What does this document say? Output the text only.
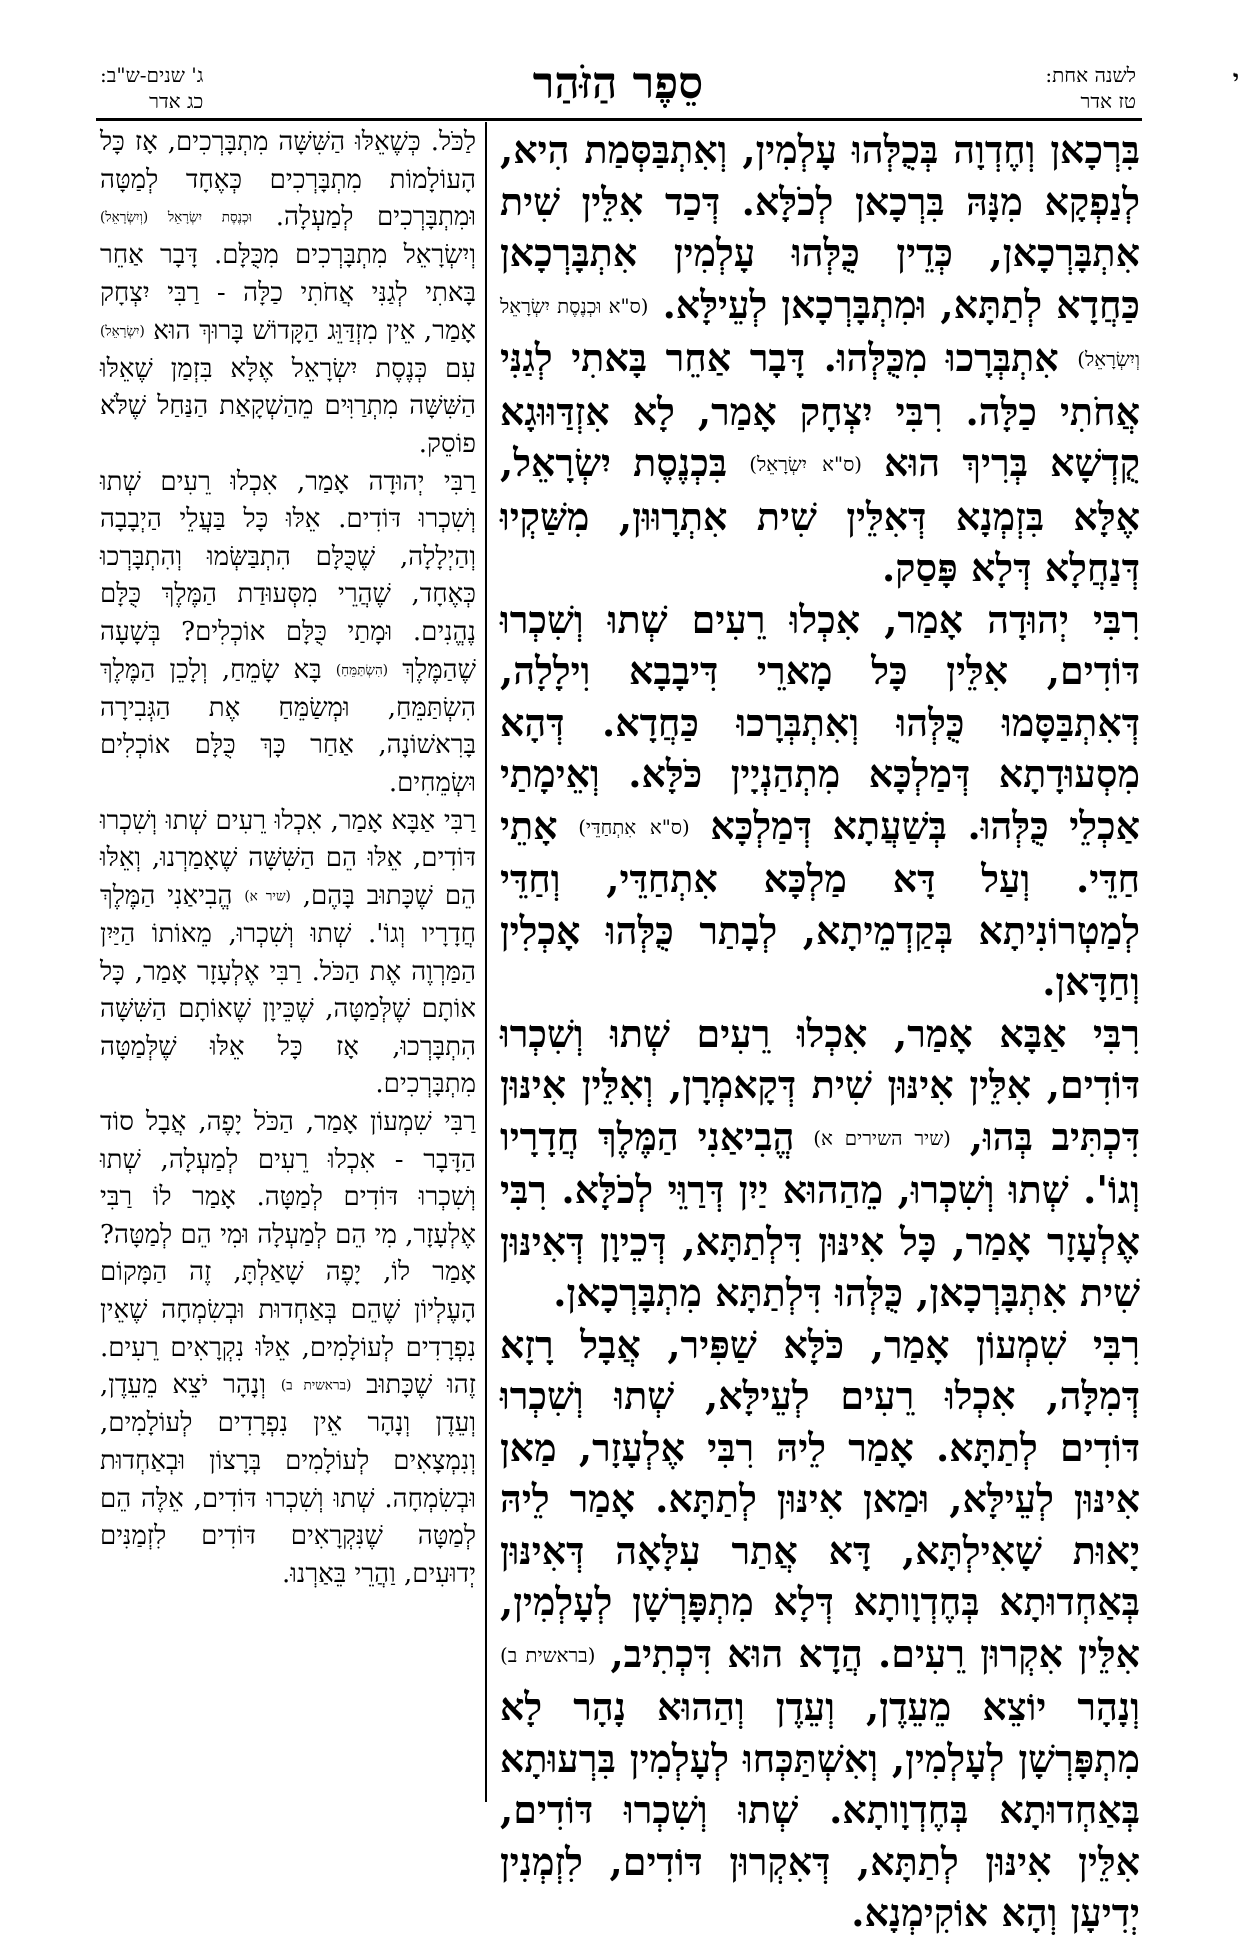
י
לשנה אחת:
טז אדר
סֵפֶר הַזֹּהַר
ג' שנים-ש"ב:
כג אדר

בִּרְכָאן וְחֶדְוָה בְּכֻלְּהוּ עָלְמִין, וְאִתְבַּסְּמַת הִיא, לְנַפְקָא מִנָּהּ בִּרְכָאן לְכֹלָּא. דְּכַד אִלֵּין שִׁית אִתְבָּרְכָאן, כְּדֵין כֻּלְּהוּ עָלְמִין אִתְבָּרְכָאן כַּחֲדָא לְתַתָּא, וּמִתְבָּרְכָאן לְעֵילָּא. (ס"א וּכְנֶסֶת יִשְׂרָאֵל וְיִשְׂרָאֵל) אִתְבְּרָכוּ מִכֻּלְּהוּ. דָּבָר אַחֵר בָּאתִי לְגַנִּי אֲחֹתִי כַלָּה. רִבִּי יִצְחָק אָמַר, לָא אִזְדַּוּוּגָא קֻדְשָׁא בְּרִיךְ הוּא (ס"א יִשְׂרָאֵל) בִּכְנֶסֶת יִשְׂרָאֵל, אֶלָּא בִּזְמְנָא דְּאִלֵּין שִׁית אִתְרָוּוּן, מִשַּׁקְיוּ דְּנַחֲלָא דְּלָא פָּסַק.

רִבִּי יְהוּדָה אָמַר, אִכְלוּ רֵעִים שְׁתוּ וְשִׁכְרוּ דּוֹדִים, אִלֵּין כָּל מָארֵי דִּיבָבָא וִילָלָה, דְּאִתְבַּסָּמוּ כֻּלְּהוּ וְאִתְבְּרָכוּ כַּחֲדָא. דְּהָא מִסְעוּדָתָא דְּמַלְכָּא מִתְהַנְיָין כֹּלָּא. וְאֵימָתַי אַכְלֵי כֻּלְּהוּ. בְּשַׁעֲתָא דְּמַלְכָּא (ס"א אִתְחַדֵּי) אָתֵי חַדֵּי. וְעַל דָּא מַלְכָּא אִתְחַדֵּי, וְחַדֵּי לְמַטְרוֹנִיתָא בְּקַדְמֵיתָא, לְבָתַר כֻּלְּהוּ אָכְלִין וְחַדָּאן.

רִבִּי אַבָּא אָמַר, אִכְלוּ רֵעִים שְׁתוּ וְשִׁכְרוּ דּוֹדִים, אִלֵּין אִינּוּן שִׁית דְּקָאמְרָן, וְאִלֵּין אִינּוּן דִּכְתִּיב בְּהוּ, (שיר השירים א) הֱבִיאַנִי הַמֶּלֶךְ חֲדָרָיו וְגוֹ'. שְׁתוּ וְשִׁכְרוּ, מֵהַהוּא יַיִן דְּרַוֵּי לְכֹלָּא. רִבִּי אֶלְעָזָר אָמַר, כָּל אִינּוּן דִּלְתַתָּא, דְּכֵיוָן דְּאִינּוּן שִׁית אִתְבָּרְכָאן, כֻּלְּהוּ דִּלְתַתָּא מִתְבָּרְכָאן.

רִבִּי שִׁמְעוֹן אָמַר, כֹּלָּא שַׁפִּיר, אֲבָל רָזָא דְּמִלָּה, אִכְלוּ רֵעִים לְעֵילָּא, שְׁתוּ וְשִׁכְרוּ דּוֹדִים לְתַתָּא. אָמַר לֵיהּ רִבִּי אֶלְעָזָר, מַאן אִינּוּן לְעֵילָּא, וּמַאן אִינּוּן לְתַתָּא. אָמַר לֵיהּ יָאוּת שָׁאִילְתָּא, דָּא אֲתַר עִלָּאָה דְּאִינּוּן בְּאַחְדוּתָא בְּחֶדְוָותָא דְּלָא מִתְפָּרְשָׁן לְעָלְמִין, אִלֵּין אִקְרוּן רֵעִים. הֲדָא הוּא דִּכְתִיב, (בראשית ב) וְנָהָר יוֹצֵא מֵעֵדֶן, וְעֵדֶן וְהַהוּא נָהָר לָא מִתְפָּרְשָׁן לְעָלְמִין, וְאִשְׁתַּכְּחוּ לְעָלְמִין בִּרְעוּתָא בְּאַחְדוּתָא בְּחֶדְוָותָא. שְׁתוּ וְשִׁכְרוּ דּוֹדִים, אִלֵּין אִינּוּן לְתַתָּא, דְּאִקְרוּן דּוֹדִים, לִזְמְנִין יְדִיעָן וְהָא אוֹקִימְנָא.

לַכֹּל. כְּשֶׁאֵלּוּ הַשִּׁשָּׁה מִתְבָּרְכִים, אָז כָּל הָעוֹלָמוֹת מִתְבָּרְכִים כְּאֶחָד לְמַטָּה וּמִתְבָּרְכִים לְמַעְלָה. וּכְנֶסֶת יִשְׂרָאֵל (וְיִשְׂרָאֵל) וְיִשְׂרָאֵל מִתְבָּרְכִים מִכֻּלָּם. דָּבָר אַחֵר בָּאתִי לְגַנִּי אֲחֹתִי כַלָּה - רַבִּי יִצְחָק אָמַר, אֵין מִזְדַּוֵּג הַקָּדוֹשׁ בָּרוּךְ הוּא (יִשְׂרָאֵל) עִם כְּנֶסֶת יִשְׂרָאֵל אֶלָּא בִּזְמַן שֶׁאֵלּוּ הַשִּׁשָּׁה מִתְרַוִּים מֵהַשְׁקָאַת הַנַּחַל שֶׁלֹּא פוֹסֵק.

רַבִּי יְהוּדָה אָמַר, אִכְלוּ רֵעִים שְׁתוּ וְשִׁכְרוּ דּוֹדִים. אֵלּוּ כָּל בַּעֲלֵי הַיְבָבָה וְהַיְלָלָה, שֶׁכֻּלָּם הִתְבַּשְּׂמוּ וְהִתְבָּרְכוּ כְּאֶחָד, שֶׁהֲרֵי מִסְּעוּדַת הַמֶּלֶךְ כֻּלָּם נֶהֱנִים. וּמָתַי כֻּלָּם אוֹכְלִים? בְּשָׁעָה שֶׁהַמֶּלֶךְ (הִשְׂתַּמֵּחַ) בָּא שָׂמֵחַ, וְלָכֵן הַמֶּלֶךְ הִשְׂתַּמֵּחַ, וּמְשַׂמֵּחַ אֶת הַגְּבִירָה בָּרִאשׁוֹנָה, אַחַר כָּךְ כֻּלָּם אוֹכְלִים וּשְׂמֵחִים.

רַבִּי אַבָּא אָמַר, אִכְלוּ רֵעִים שְׁתוּ וְשִׁכְרוּ דּוֹדִים, אֵלּוּ הֵם הַשִּׁשָּׁה שֶׁאָמַרְנוּ, וְאֵלּוּ הֵם שֶׁכָּתוּב בָּהֶם, (שיר א) הֱבִיאַנִי הַמֶּלֶךְ חֲדָרָיו וְגוֹ'. שְׁתוּ וְשִׁכְרוּ, מֵאוֹתוֹ הַיַּיִן הַמַּרְוֶה אֶת הַכֹּל. רַבִּי אֶלְעָזָר אָמַר, כָּל אוֹתָם שֶׁלְּמַטָּה, שֶׁכֵּיוָן שֶׁאוֹתָם הַשִּׁשָּׁה הִתְבָּרְכוּ, אָז כָּל אֵלּוּ שֶׁלְּמַטָּה מִתְבָּרְכִים.

רַבִּי שִׁמְעוֹן אָמַר, הַכֹּל יָפֶה, אֲבָל סוֹד הַדָּבָר - אִכְלוּ רֵעִים לְמַעְלָה, שְׁתוּ וְשִׁכְרוּ דּוֹדִים לְמַטָּה. אָמַר לוֹ רַבִּי אֶלְעָזָר, מִי הֵם לְמַעְלָה וּמִי הֵם לְמַטָּה? אָמַר לוֹ, יָפֶה שָׁאַלְתָּ, זֶה הַמָּקוֹם הָעֶלְיוֹן שֶׁהֵם בְּאַחְדוּת וּבְשִׂמְחָה שֶׁאֵין נִפְרָדִים לְעוֹלָמִים, אֵלּוּ נִקְרָאִים רֵעִים. זֶהוּ שֶׁכָּתוּב (בראשית ב) וְנָהָר יֹצֵא מֵעֵדֶן, וְעֵדֶן וְנָהָר אֵין נִפְרָדִים לְעוֹלָמִים, וְנִמְצָאִים לְעוֹלָמִים בְּרָצוֹן וּבְאַחְדוּת וּבְשִׂמְחָה. שְׁתוּ וְשִׁכְרוּ דּוֹדִים, אֵלֶּה הֵם לְמַטָּה שֶׁנִּקְרָאִים דּוֹדִים לִזְמַנִּים יְדוּעִים, וַהֲרֵי בֵּאַרְנוּ.
